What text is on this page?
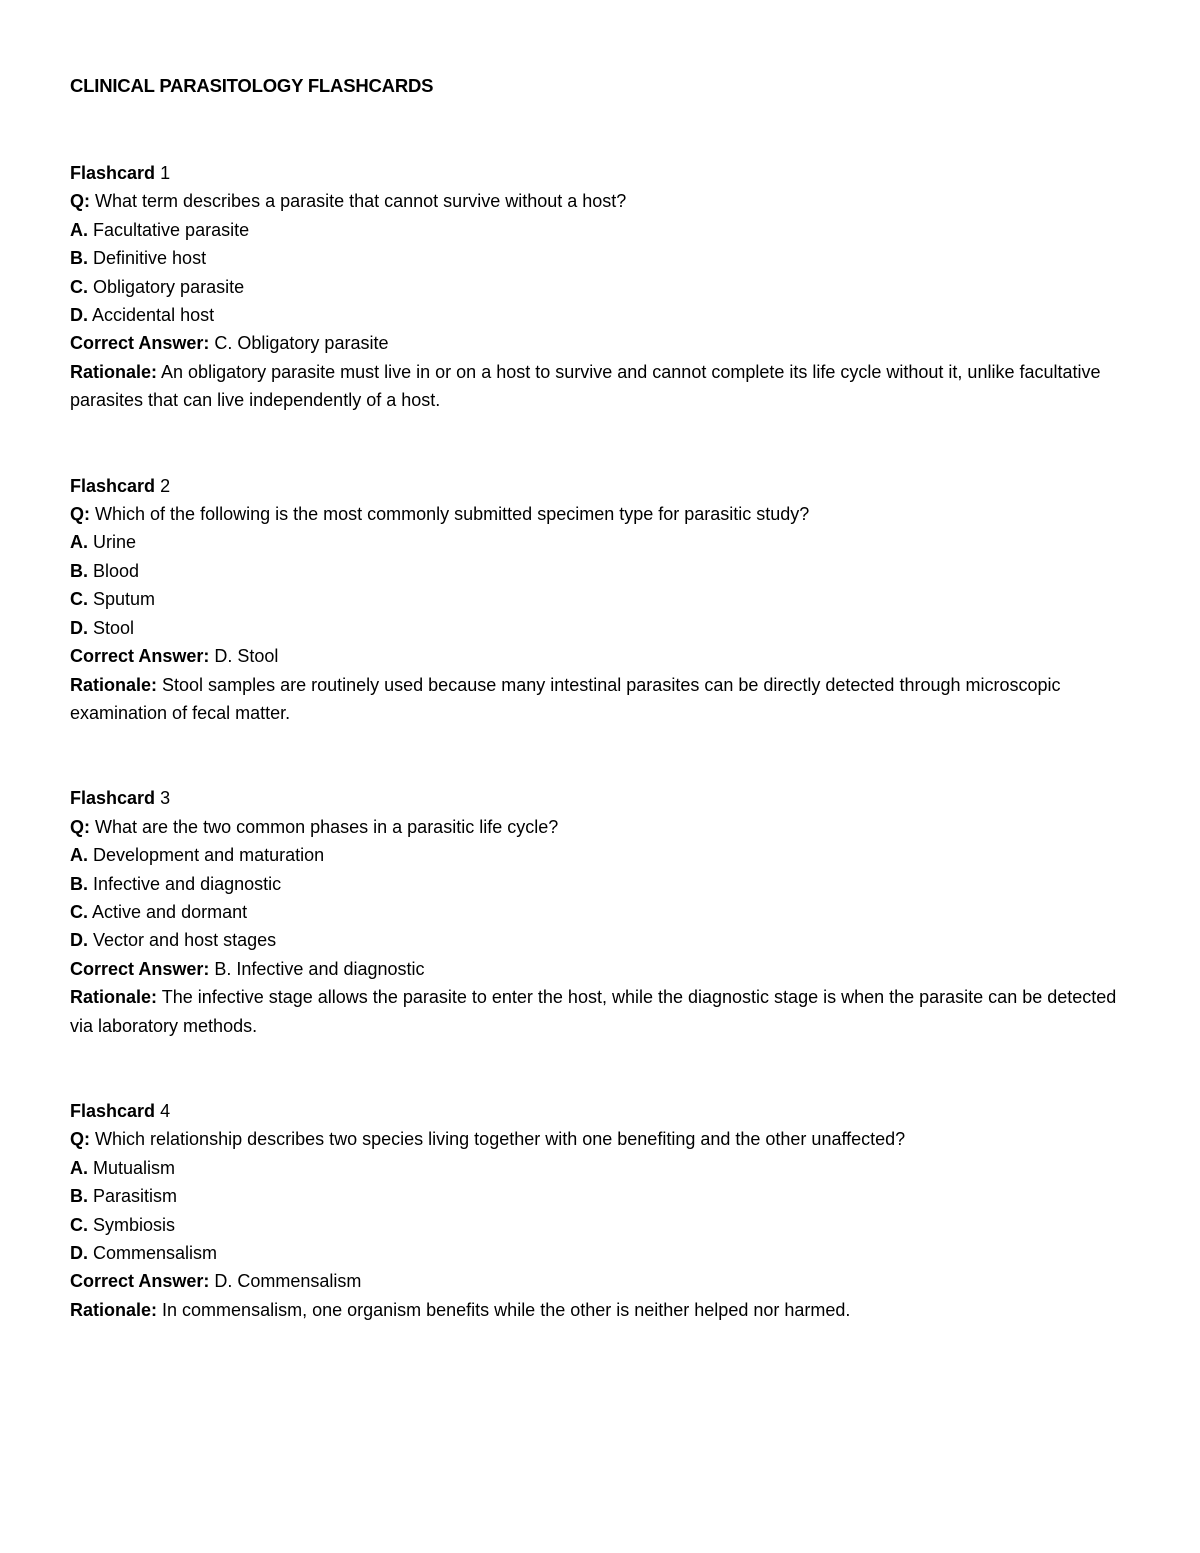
CLINICAL PARASITOLOGY FLASHCARDS

Flashcard 1

Q: What term describes a parasite that cannot survive without a host?

A. Facultative parasite

B. Definitive host

C. Obligatory parasite

D. Accidental host

Correct Answer: C. Obligatory parasite

Rationale: An obligatory parasite must live in or on a host to survive and cannot complete its life cycle without it, unlike facultative parasites that can live independently of a host.

Flashcard 2

Q: Which of the following is the most commonly submitted specimen type for parasitic study?

A. Urine

B. Blood

C. Sputum

D. Stool

Correct Answer: D. Stool

Rationale: Stool samples are routinely used because many intestinal parasites can be directly detected through microscopic examination of fecal matter.

Flashcard 3

Q: What are the two common phases in a parasitic life cycle?

A. Development and maturation

B. Infective and diagnostic

C. Active and dormant

D. Vector and host stages

Correct Answer: B. Infective and diagnostic

Rationale: The infective stage allows the parasite to enter the host, while the diagnostic stage is when the parasite can be detected via laboratory methods.

Flashcard 4

Q: Which relationship describes two species living together with one benefiting and the other unaffected?

A. Mutualism

B. Parasitism

C. Symbiosis

D. Commensalism

Correct Answer: D. Commensalism

Rationale: In commensalism, one organism benefits while the other is neither helped nor harmed.
